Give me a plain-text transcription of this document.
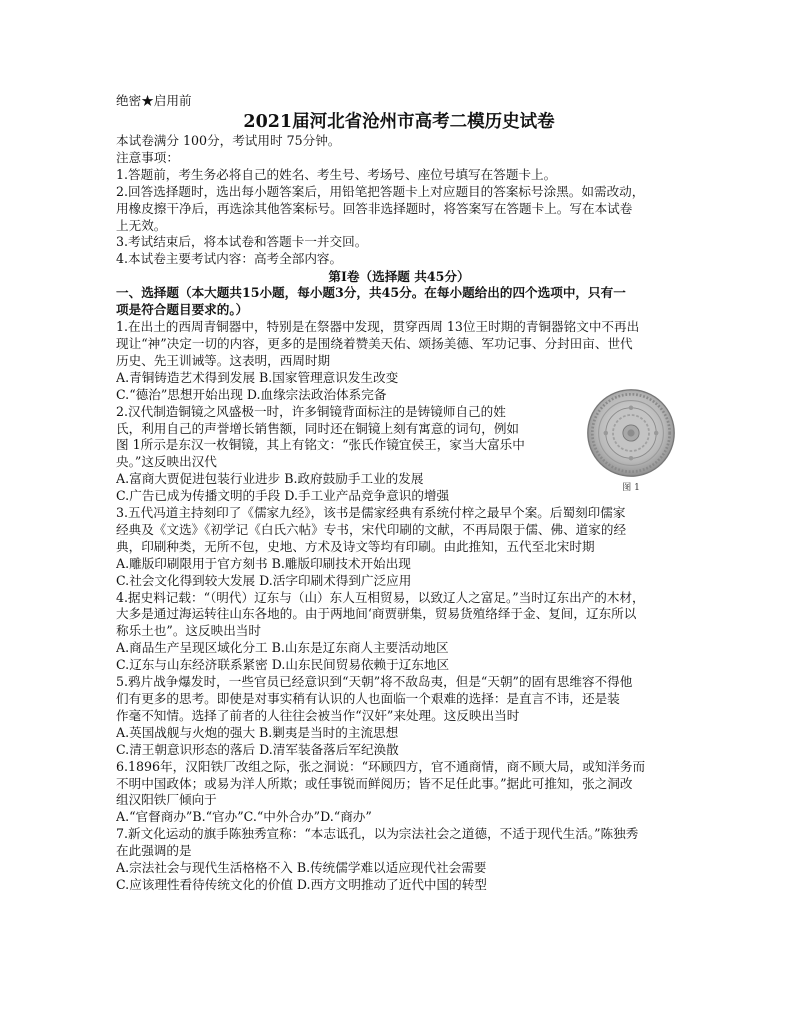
绝密★启用前
2021届河北省沧州市高考二模历史试卷
本试卷满分 100分，考试用时 75分钟。
注意事项：
1.答题前，考生务必将自己的姓名、考生号、考场号、座位号填写在答题卡上。
2.回答选择题时，选出每小题答案后，用铅笔把答题卡上对应题目的答案标号涂黑。如需改动，
用橡皮擦干净后，再选涂其他答案标号。回答非选择题时，将答案写在答题卡上。写在本试卷
上无效。
3.考试结束后，将本试卷和答题卡一并交回。
4.本试卷主要考试内容：高考全部内容。
第Ⅰ卷（选择题 共45分）
一、选择题（本大题共15小题，每小题3分，共45分。在每小题给出的四个选项中，只有一
项是符合题目要求的。）
1.在出土的西周青铜器中，特别是在祭器中发现，贯穿西周 13位王时期的青铜器铭文中不再出
现让“神”决定一切的内容，更多的是围绕着赞美天佑、颂扬美德、军功记事、分封田亩、世代
历史、先王训诫等。这表明，西周时期
A.青铜铸造艺术得到发展 B.国家管理意识发生改变
C.“德治”思想开始出现 D.血缘宗法政治体系完备
2.汉代制造铜镜之风盛极一时，许多铜镜背面标注的是铸镜师自己的姓
氏，利用自己的声誉增长销售额，同时还在铜镜上刻有寓意的词句，例如
图 1所示是东汉一枚铜镜，其上有铭文：“张氏作镜宜侯王，家当大富乐中
央。”这反映出汉代
A.富商大贾促进包装行业进步 B.政府鼓励手工业的发展
C.广告已成为传播文明的手段 D.手工业产品竞争意识的增强
3.五代冯道主持刻印了《儒家九经》，该书是儒家经典有系统付梓之最早个案。后蜀刻印儒家
经典及《文选》《初学记《白氏六帖》专书，宋代印刷的文献，不再局限于儒、佛、道家的经
典，印刷种类，无所不包，史地、方术及诗文等均有印刷。由此推知，五代至北宋时期
A.雕版印刷限用于官方刻书 B.雕版印刷技术开始出现
C.社会文化得到较大发展 D.活字印刷术得到广泛应用
4.据史料记载：“（明代）辽东与（山）东人互相贸易，以致辽人之富足。”当时辽东出产的木材，
大多是通过海运转往山东各地的。由于两地间‘商贾骈集，贸易货殖络绎于金、复间，辽东所以
称乐土也”。这反映出当时
A.商品生产呈现区域化分工 B.山东是辽东商人主要活动地区
C.辽东与山东经济联系紧密 D.山东民间贸易依赖于辽东地区
5.鸦片战争爆发时，一些官员已经意识到“天朝”将不敌岛夷，但是“天朝”的固有思维容不得他
们有更多的思考。即使是对事实稍有认识的人也面临一个艰难的选择：是直言不讳，还是装
作毫不知情。选择了前者的人往往会被当作“汉奸”来处理。这反映出当时
A.英国战舰与火炮的强大 B.剿夷是当时的主流思想
C.清王朝意识形态的落后 D.清军装备落后军纪涣散
6.1896年，汉阳铁厂改组之际，张之洞说：“环顾四方，官不通商情，商不顾大局，或知洋务而
不明中国政体；或易为洋人所欺；或任事锐而鲜阅历；皆不足任此事。”据此可推知，张之洞改
组汉阳铁厂倾向于
A.“官督商办”B.“官办”C.“中外合办”D.“商办”
7.新文化运动的旗手陈独秀宣称：“本志诋孔，以为宗法社会之道德，不适于现代生活。”陈独秀
在此强调的是
A.宗法社会与现代生活格格不入 B.传统儒学难以适应现代社会需要
C.应该理性看待传统文化的价值 D.西方文明推动了近代中国的转型
图 1
